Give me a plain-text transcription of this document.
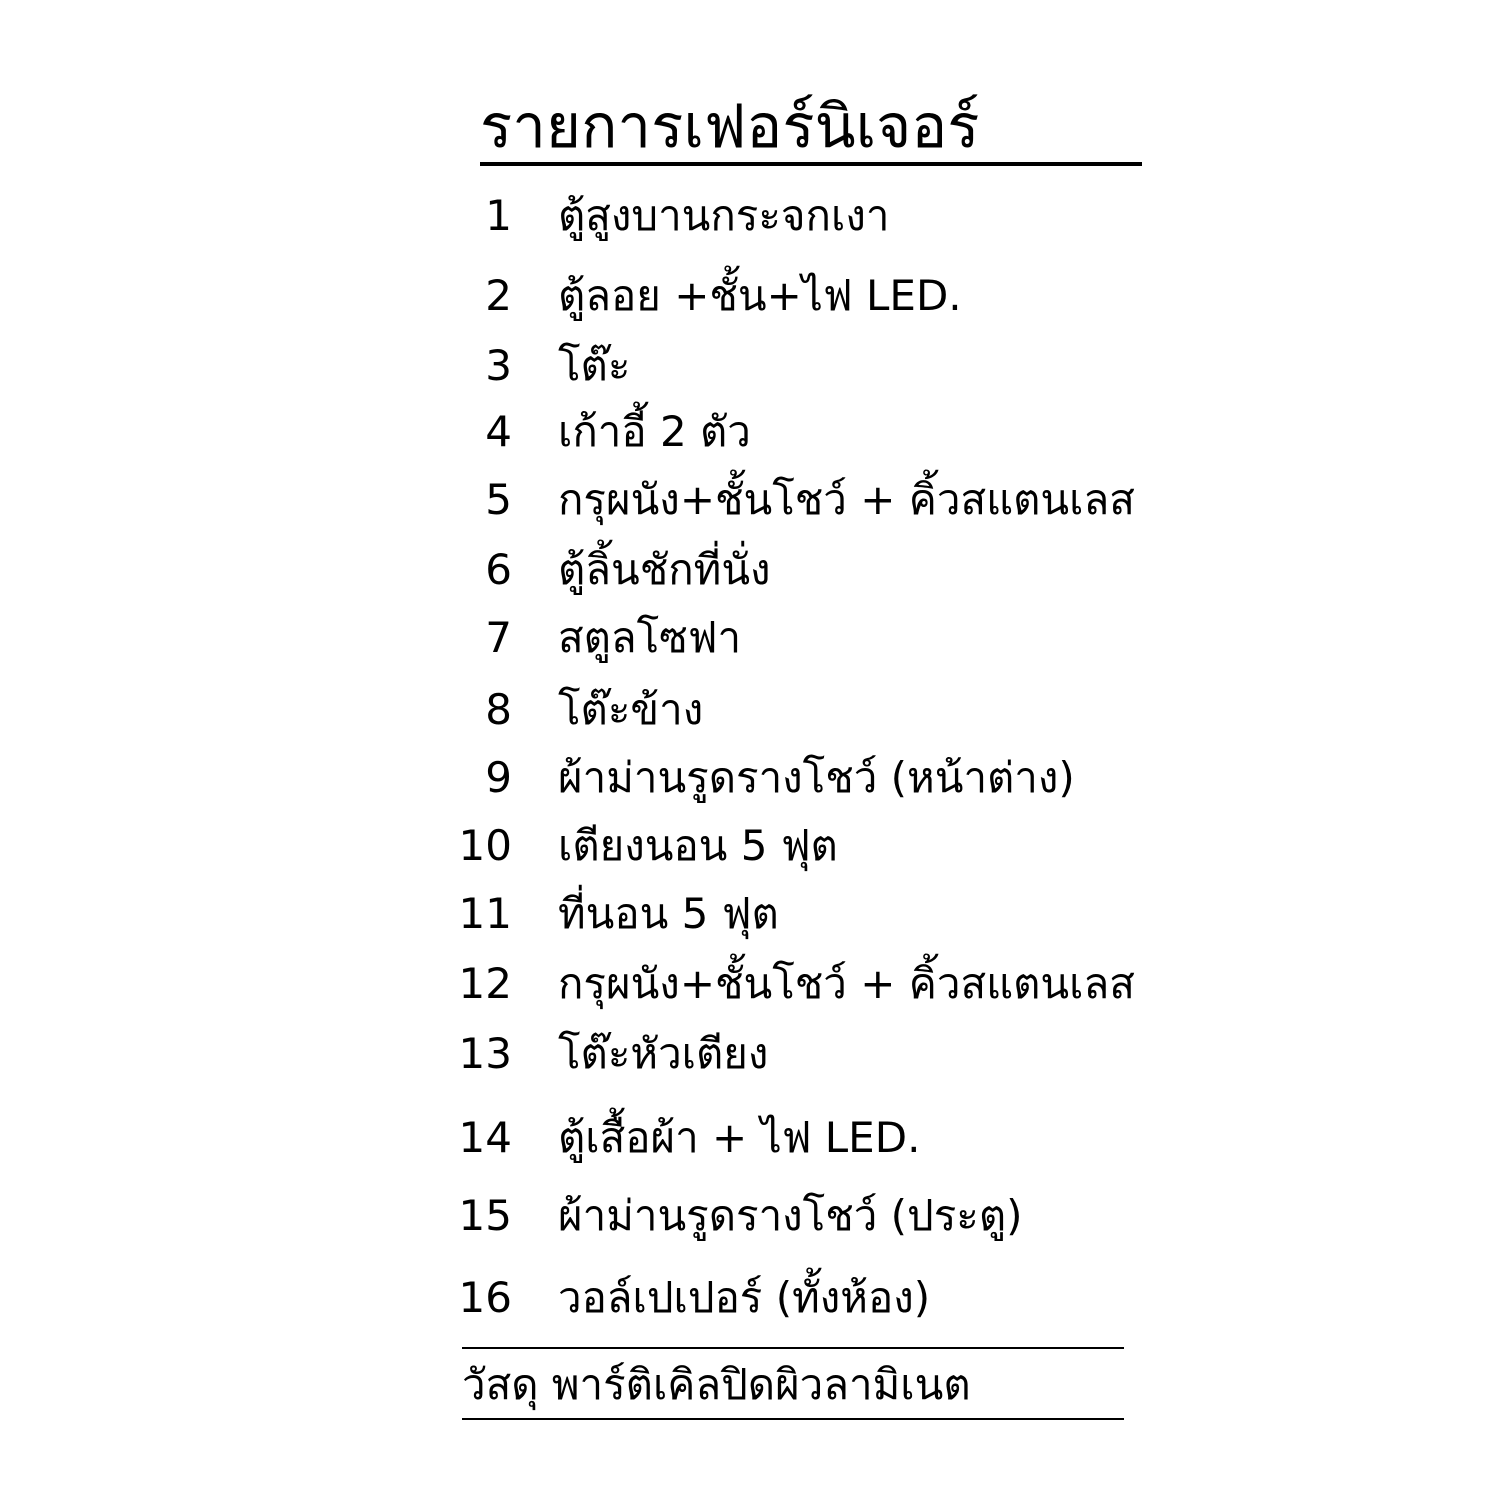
รายการเฟอร์นิเจอร์
1 ตู้สูงบานกระจกเงา
2 ตู้ลอย +ชั้น+ไฟ LED.
3 โต๊ะ
4 เก้าอี้ 2 ตัว
5 กรุผนัง+ชั้นโชว์ + คิ้วสแตนเลส
6 ตู้ลิ้นชักที่นั่ง
7 สตูลโซฟา
8 โต๊ะข้าง
9 ผ้าม่านรูดรางโชว์ (หน้าต่าง)
10 เตียงนอน 5 ฟุต
11 ที่นอน 5 ฟุต
12 กรุผนัง+ชั้นโชว์ + คิ้วสแตนเลส
13 โต๊ะหัวเตียง
14 ตู้เสื้อผ้า + ไฟ LED.
15 ผ้าม่านรูดรางโชว์ (ประตู)
16 วอล์เปเปอร์ (ทั้งห้อง)
วัสดุ พาร์ติเคิลปิดผิวลามิเนต
